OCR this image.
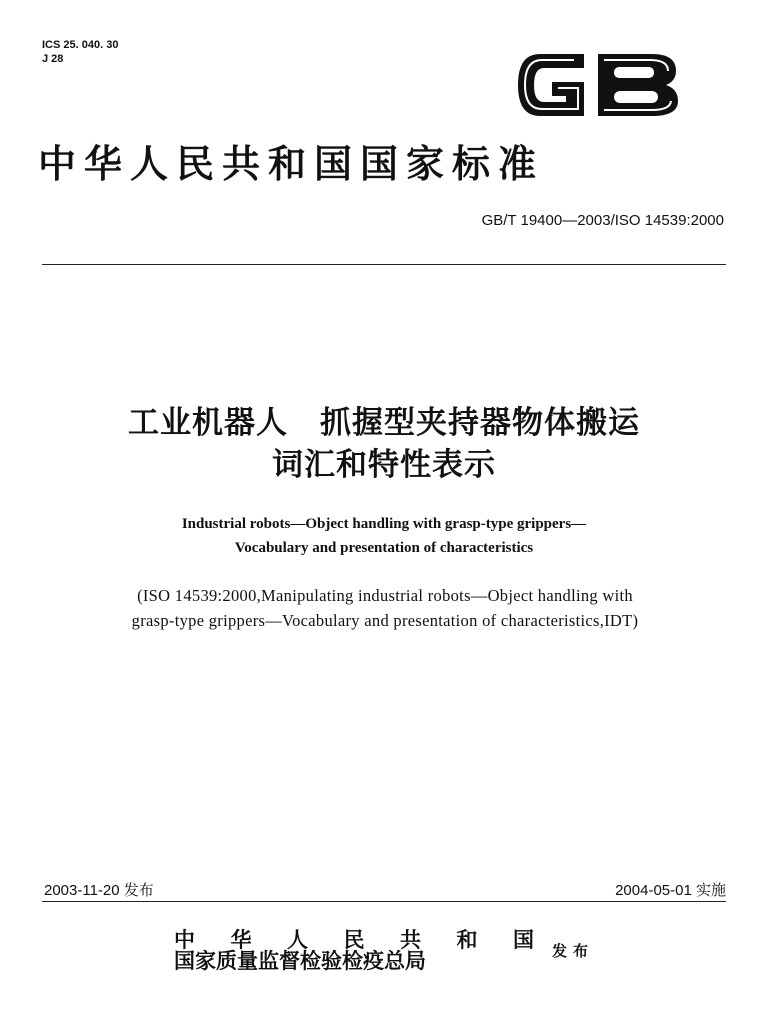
ICS 25. 040. 30
J 28
中华人民共和国国家标准
GB/T 19400—2003/ISO 14539:2000
工业机器人　抓握型夹持器物体搬运
词汇和特性表示
Industrial robots—Object handling with grasp-type grippers—
Vocabulary and presentation of characteristics
(ISO 14539:2000,Manipulating industrial robots—Object handling with
grasp-type grippers—Vocabulary and presentation of characteristics,IDT)
2003-11-20 发布	2004-05-01 实施
中 华 人 民 共 和 国
国家质量监督检验检疫总局	发布
